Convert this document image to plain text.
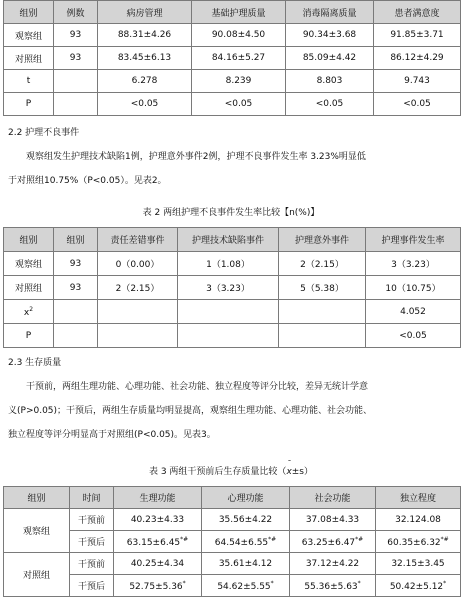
组别	例数	病房管理	基础护理质量	消毒隔离质量	患者满意度
观察组	93	88.31±4.26	90.08±4.50	90.34±3.68	91.85±3.71
对照组	93	83.45±6.13	84.16±5.27	85.09±4.42	86.12±4.29
t		6.278	8.239	8.803	9.743
P		<0.05	<0.05	<0.05	<0.05
2.2 护理不良事件
观察组发生护理技术缺陷1例，护理意外事件2例，护理不良事件发生率 3.23%明显低
于对照组10.75%（P<0.05）。见表2。
表 2 两组护理不良事件发生率比较【n(%)】
组别	组别	责任差错事件	护理技术缺陷事件	护理意外事件	护理事件发生率
观察组	93	0（0.00）	1（1.08）	2（2.15）	3（3.23）
对照组	93	2（2.15）	3（3.23）	5（5.38）	10（10.75）
$x^2$					4.052
P					<0.05
2.3 生存质量
干预前，两组生理功能、心理功能、社会功能、独立程度等评分比较，差异无统计学意
义(P>0.05)；干预后，两组生存质量均明显提高，观察组生理功能、心理功能、社会功能、
独立程度等评分明显高于对照组(P<0.05)。见表3。
表 3 两组干预前后生存质量比较（
¯
x±s）
组别	时间	生理功能	心理功能	社会功能	独立程度
观察组	干预前	40.23±4.33	35.56±4.22	37.08±4.33	32.124.08
	干预后	63.15±6.45*#	64.54±6.55*#	63.25±6.47*#	60.35±6.32*#
对照组	干预前	40.25±4.34	35.61±4.12	37.12±4.22	32.15±3.45
	干预后	52.75±5.36*	54.62±5.55*	55.36±5.63*	50.42±5.12*
